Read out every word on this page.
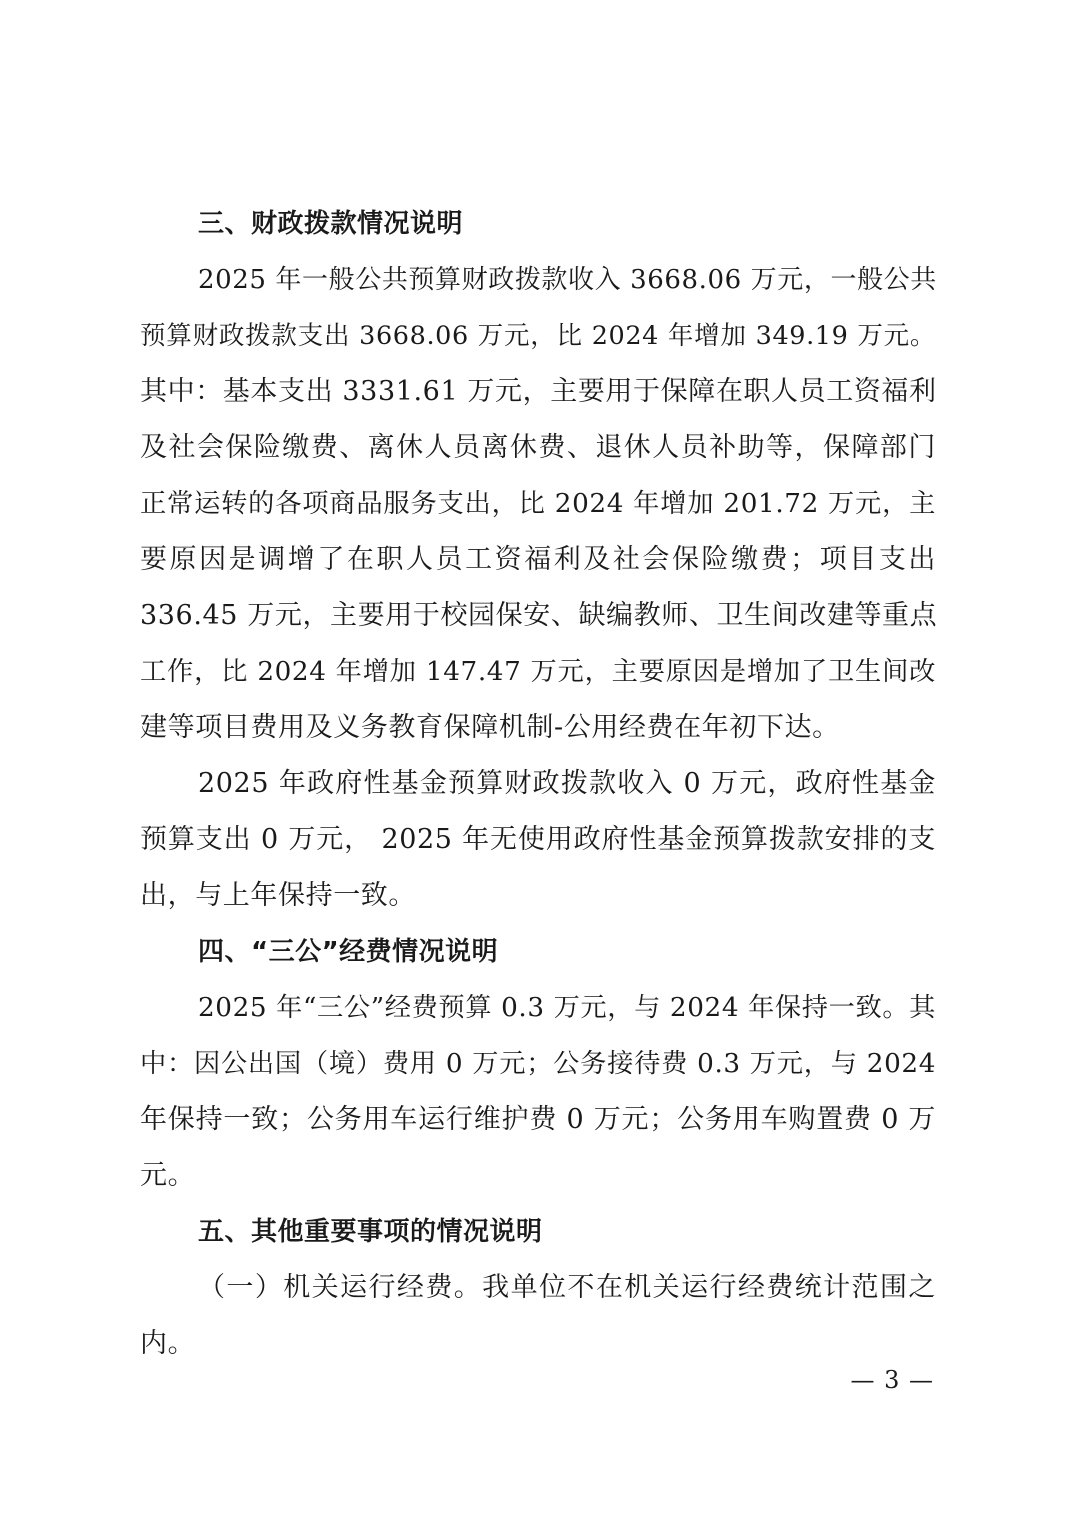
三、财政拨款情况说明
2025 年一般公共预算财政拨款收入 3668.06 万元，一般公共
预算财政拨款支出 3668.06 万元，比 2024 年增加 349.19 万元。
其中：基本支出 3331.61 万元，主要用于保障在职人员工资福利
及社会保险缴费、离休人员离休费、退休人员补助等，保障部门
正常运转的各项商品服务支出，比 2024 年增加 201.72 万元，主
要原因是调增了在职人员工资福利及社会保险缴费；项目支出
336.45 万元，主要用于校园保安、缺编教师、卫生间改建等重点
工作，比 2024 年增加 147.47 万元，主要原因是增加了卫生间改
建等项目费用及义务教育保障机制-公用经费在年初下达。
2025 年政府性基金预算财政拨款收入 0 万元，政府性基金
预算支出 0 万元， 2025 年无使用政府性基金预算拨款安排的支
出，与上年保持一致。
四、“三公”经费情况说明
2025 年“三公”经费预算 0.3 万元，与 2024 年保持一致。其
中：因公出国（境）费用 0 万元；公务接待费 0.3 万元，与 2024
年保持一致；公务用车运行维护费 0 万元；公务用车购置费 0 万
元。
五、其他重要事项的情况说明
（一）机关运行经费。我单位不在机关运行经费统计范围之
内。
— 3 —
